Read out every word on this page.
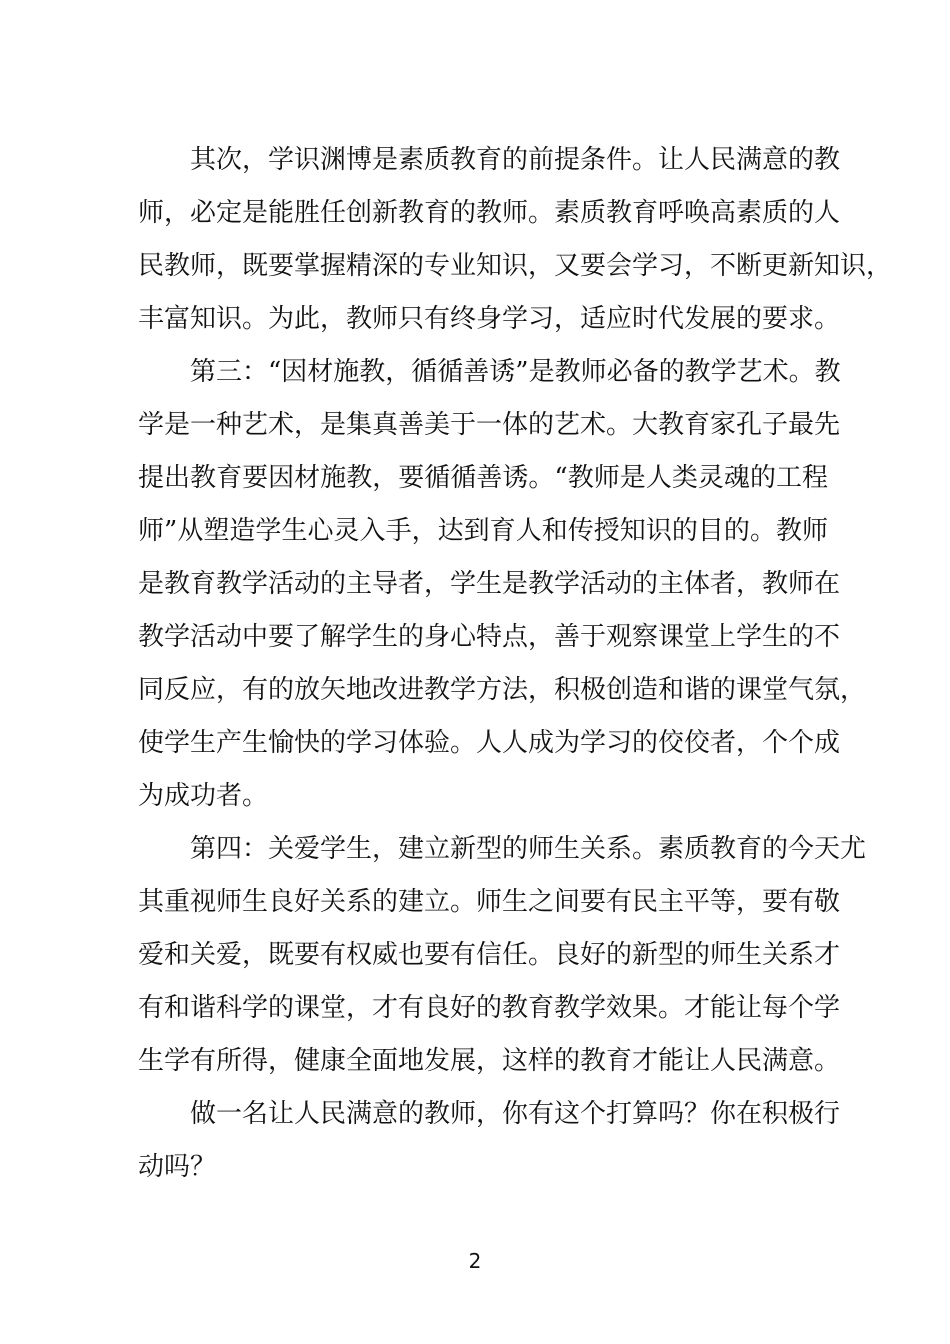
其次，学识渊博是素质教育的前提条件。让人民满意的教
师，必定是能胜任创新教育的教师。素质教育呼唤高素质的人
民教师，既要掌握精深的专业知识，又要会学习，不断更新知识，
丰富知识。为此，教师只有终身学习，适应时代发展的要求。
第三：“因材施教，循循善诱”是教师必备的教学艺术。教
学是一种艺术，是集真善美于一体的艺术。大教育家孔子最先
提出教育要因材施教，要循循善诱。“教师是人类灵魂的工程
师”从塑造学生心灵入手，达到育人和传授知识的目的。教师
是教育教学活动的主导者，学生是教学活动的主体者，教师在
教学活动中要了解学生的身心特点，善于观察课堂上学生的不
同反应，有的放矢地改进教学方法，积极创造和谐的课堂气氛，
使学生产生愉快的学习体验。人人成为学习的佼佼者，个个成
为成功者。
第四：关爱学生，建立新型的师生关系。素质教育的今天尤
其重视师生良好关系的建立。师生之间要有民主平等，要有敬
爱和关爱，既要有权威也要有信任。良好的新型的师生关系才
有和谐科学的课堂，才有良好的教育教学效果。才能让每个学
生学有所得，健康全面地发展，这样的教育才能让人民满意。
做一名让人民满意的教师，你有这个打算吗？你在积极行
动吗？
2
